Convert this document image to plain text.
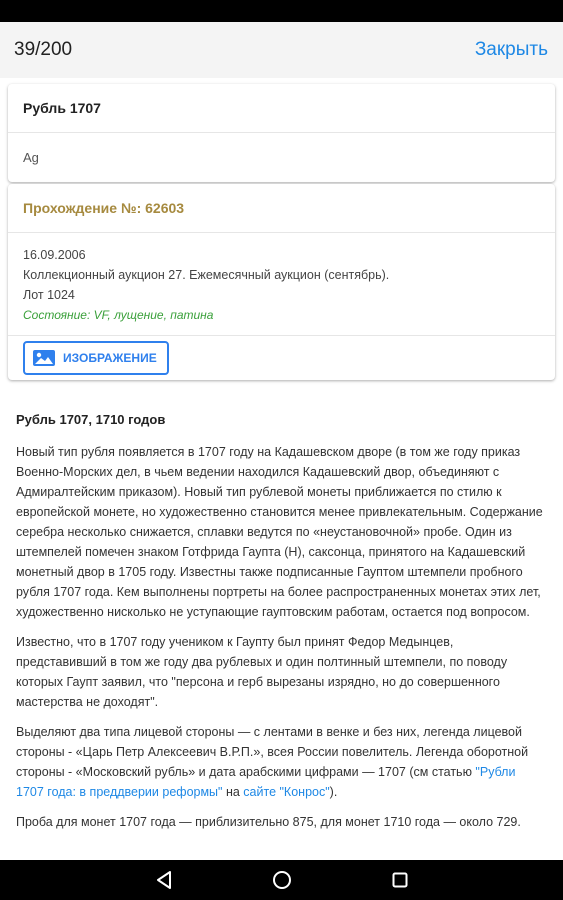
39/200	Закрыть
Рубль 1707
Ag
Прохождение №: 62603
16.09.2006
Коллекционный аукцион 27. Ежемесячный аукцион (сентябрь).
Лот 1024
Состояние: VF, лущение, патина
ИЗОБРАЖЕНИЕ
Рубль 1707, 1710 годов

Новый тип рубля появляется в 1707 году на Кадашевском дворе (в том же году приказ Военно-Морских дел, в чьем ведении находился Кадашевский двор, объединяют с Адмиралтейским приказом). Новый тип рублевой монеты приближается по стилю к европейской монете, но художественно становится менее привлекательным. Содержание серебра несколько снижается, сплавки ведутся по «неустановочной» пробе. Один из штемпелей помечен знаком Готфрида Гаупта (H), саксонца, принятого на Кадашевский монетный двор в 1705 году. Известны также подписанные Гауптом штемпели пробного рубля 1707 года. Кем выполнены портреты на более распространенных монетах этих лет, художественно нисколько не уступающие гауптовским работам, остается под вопросом.

Известно, что в 1707 году учеником к Гаупту был принят Федор Медынцев, представивший в том же году два рублевых и один полтинный штемпели, по поводу которых Гаупт заявил, что "персона и герб вырезаны изрядно, но до совершенного мастерства не доходят".

Выделяют два типа лицевой стороны — с лентами в венке и без них, легенда лицевой стороны - «Царь Петр Алексеевич В.Р.П.», всея России повелитель. Легенда оборотной стороны - «Московский рубль» и дата арабскими цифрами — 1707 (см статью "Рубли 1707 года: в преддверии реформы" на сайте "Конрос").

Проба для монет 1707 года — приблизительно 875, для монет 1710 года — около 729.
